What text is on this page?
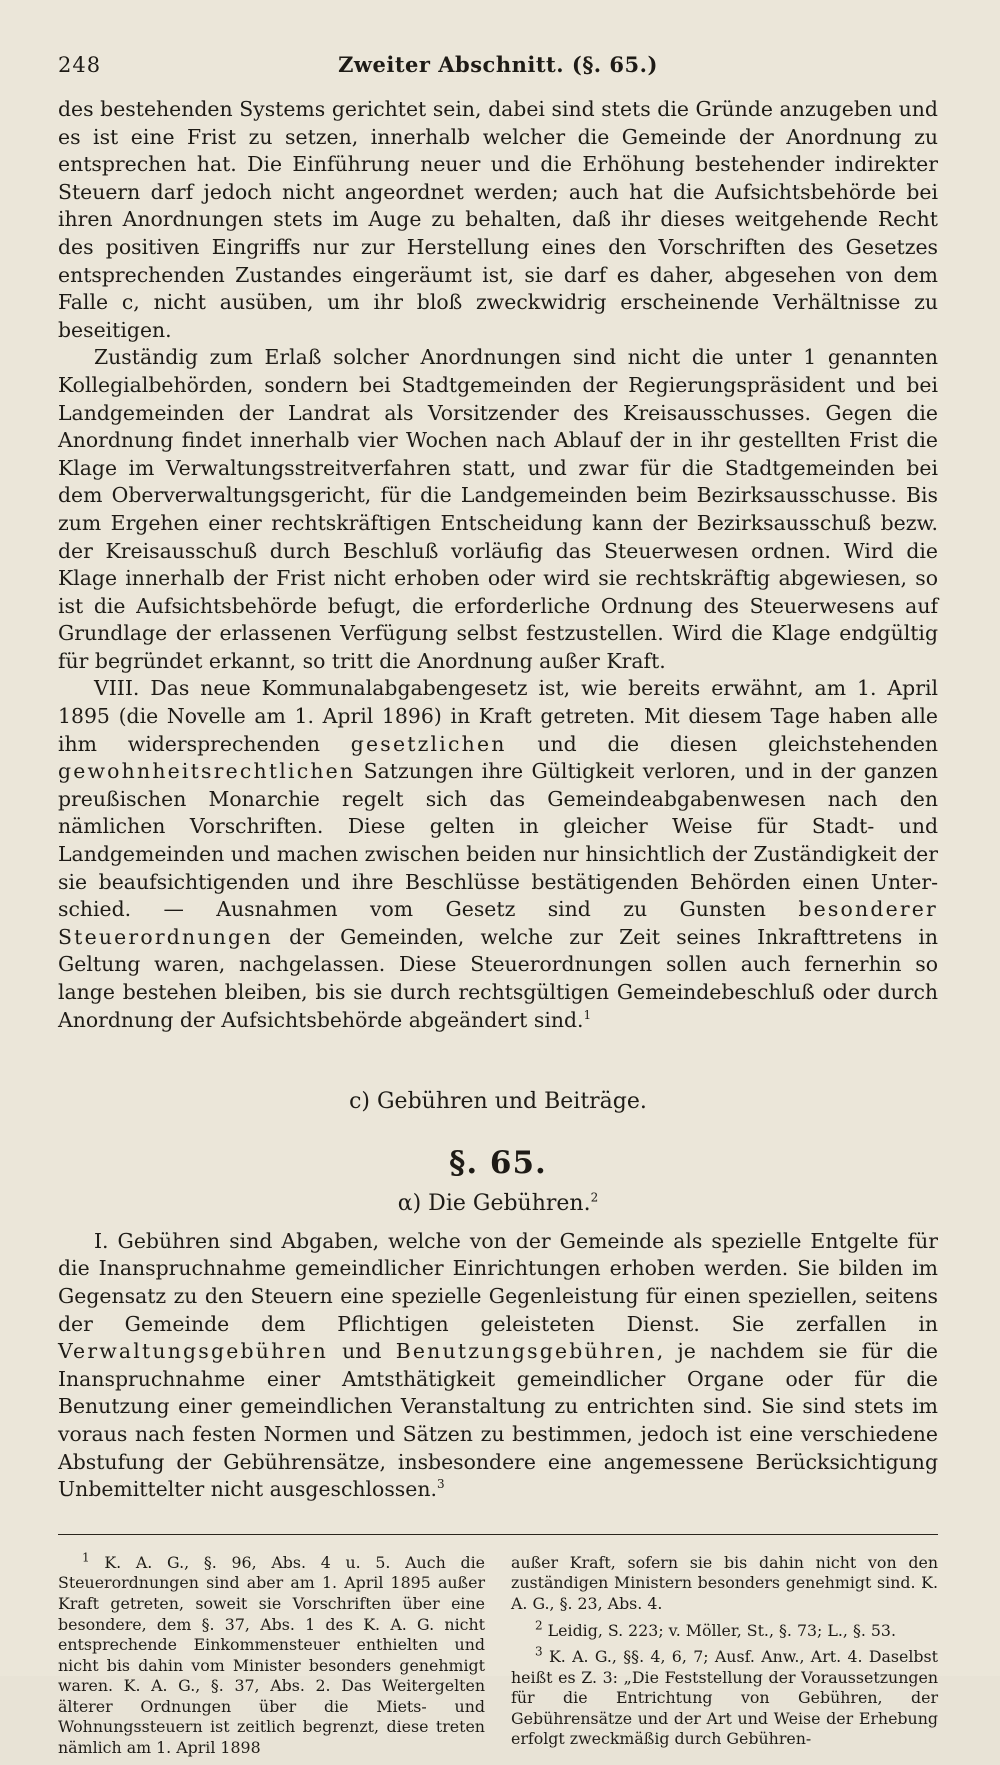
248	Zweiter Abschnitt. (§. 65.)

des bestehenden Systems gerichtet sein, dabei sind stets die Gründe anzugeben und es ist eine Frist zu setzen, innerhalb welcher die Gemeinde der Anordnung zu entsprechen hat. Die Einführung neuer und die Erhöhung bestehender indirekter Steuern darf jedoch nicht angeordnet werden; auch hat die Aufsichtsbehörde bei ihren Anordnungen stets im Auge zu behalten, daß ihr dieses weitgehende Recht des positiven Eingriffs nur zur Herstellung eines den Vorschriften des Gesetzes entsprechenden Zustandes eingeräumt ist, sie darf es daher, abgesehen von dem Falle c, nicht ausüben, um ihr bloß zweckwidrig erscheinende Verhältnisse zu beseitigen.

Zuständig zum Erlaß solcher Anordnungen sind nicht die unter 1 genannten Kollegialbehörden, sondern bei Stadtgemeinden der Regierungspräsident und bei Landgemeinden der Landrat als Vorsitzender des Kreisausschusses. Gegen die Anordnung findet innerhalb vier Wochen nach Ablauf der in ihr gestellten Frist die Klage im Verwaltungsstreitverfahren statt, und zwar für die Stadtgemeinden bei dem Oberverwaltungsgericht, für die Landgemeinden beim Bezirksausschusse. Bis zum Ergehen einer rechtskräftigen Entscheidung kann der Bezirksausschuß bezw. der Kreisausschuß durch Beschluß vorläufig das Steuerwesen ordnen. Wird die Klage innerhalb der Frist nicht erhoben oder wird sie rechtskräftig abgewiesen, so ist die Aufsichtsbehörde befugt, die erforderliche Ordnung des Steuerwesens auf Grundlage der erlassenen Verfügung selbst festzustellen. Wird die Klage endgültig für begründet erkannt, so tritt die Anordnung außer Kraft.

VIII. Das neue Kommunalabgabengesetz ist, wie bereits erwähnt, am 1. April 1895 (die Novelle am 1. April 1896) in Kraft getreten. Mit diesem Tage haben alle ihm widersprechenden gesetzlichen und die diesen gleichstehenden gewohnheitsrechtlichen Satzungen ihre Gültigkeit verloren, und in der ganzen preußischen Monarchie regelt sich das Gemeindeabgabenwesen nach den nämlichen Vorschriften. Diese gelten in gleicher Weise für Stadt- und Landgemeinden und machen zwischen beiden nur hinsichtlich der Zuständigkeit der sie beaufsichtigenden und ihre Beschlüsse bestätigenden Behörden einen Unterschied. — Ausnahmen vom Gesetz sind zu Gunsten besonderer Steuerordnungen der Gemeinden, welche zur Zeit seines Inkrafttretens in Geltung waren, nachgelassen. Diese Steuerordnungen sollen auch fernerhin so lange bestehen bleiben, bis sie durch rechtsgültigen Gemeindebeschluß oder durch Anordnung der Aufsichtsbehörde abgeändert sind.$^1$

c) Gebühren und Beiträge.
§. 65.
α) Die Gebühren.$^2$

I. Gebühren sind Abgaben, welche von der Gemeinde als spezielle Entgelte für die Inanspruchnahme gemeindlicher Einrichtungen erhoben werden. Sie bilden im Gegensatz zu den Steuern eine spezielle Gegenleistung für einen speziellen, seitens der Gemeinde dem Pflichtigen geleisteten Dienst. Sie zerfallen in Verwaltungsgebühren und Benutzungsgebühren, je nachdem sie für die Inanspruchnahme einer Amtsthätigkeit gemeindlicher Organe oder für die Benutzung einer gemeindlichen Veranstaltung zu entrichten sind. Sie sind stets im voraus nach festen Normen und Sätzen zu bestimmen, jedoch ist eine verschiedene Abstufung der Gebührensätze, insbesondere eine angemessene Berücksichtigung Unbemittelter nicht ausgeschlossen.$^3$

$^1$ K. A. G., §. 96, Abs. 4 u. 5. Auch die Steuerordnungen sind aber am 1. April 1895 außer Kraft getreten, soweit sie Vorschriften über eine besondere, dem §. 37, Abs. 1 des K. A. G. nicht entsprechende Einkommensteuer enthielten und nicht bis dahin vom Minister besonders genehmigt waren. K. A. G., §. 37, Abs. 2. Das Weitergelten älterer Ordnungen über die Miets- und Wohnungssteuern ist zeitlich begrenzt, diese treten nämlich am 1. April 1898

außer Kraft, sofern sie bis dahin nicht von den zuständigen Ministern besonders genehmigt sind. K. A. G., §. 23, Abs. 4.

$^2$ Leidig, S. 223; v. Möller, St., §. 73; L., §. 53.

$^3$ K. A. G., §§. 4, 6, 7; Ausf. Anw., Art. 4. Daselbst heißt es Z. 3: „Die Feststellung der Voraussetzungen für die Entrichtung von Gebühren, der Gebührensätze und der Art und Weise der Erhebung erfolgt zweckmäßig durch Gebühren-
